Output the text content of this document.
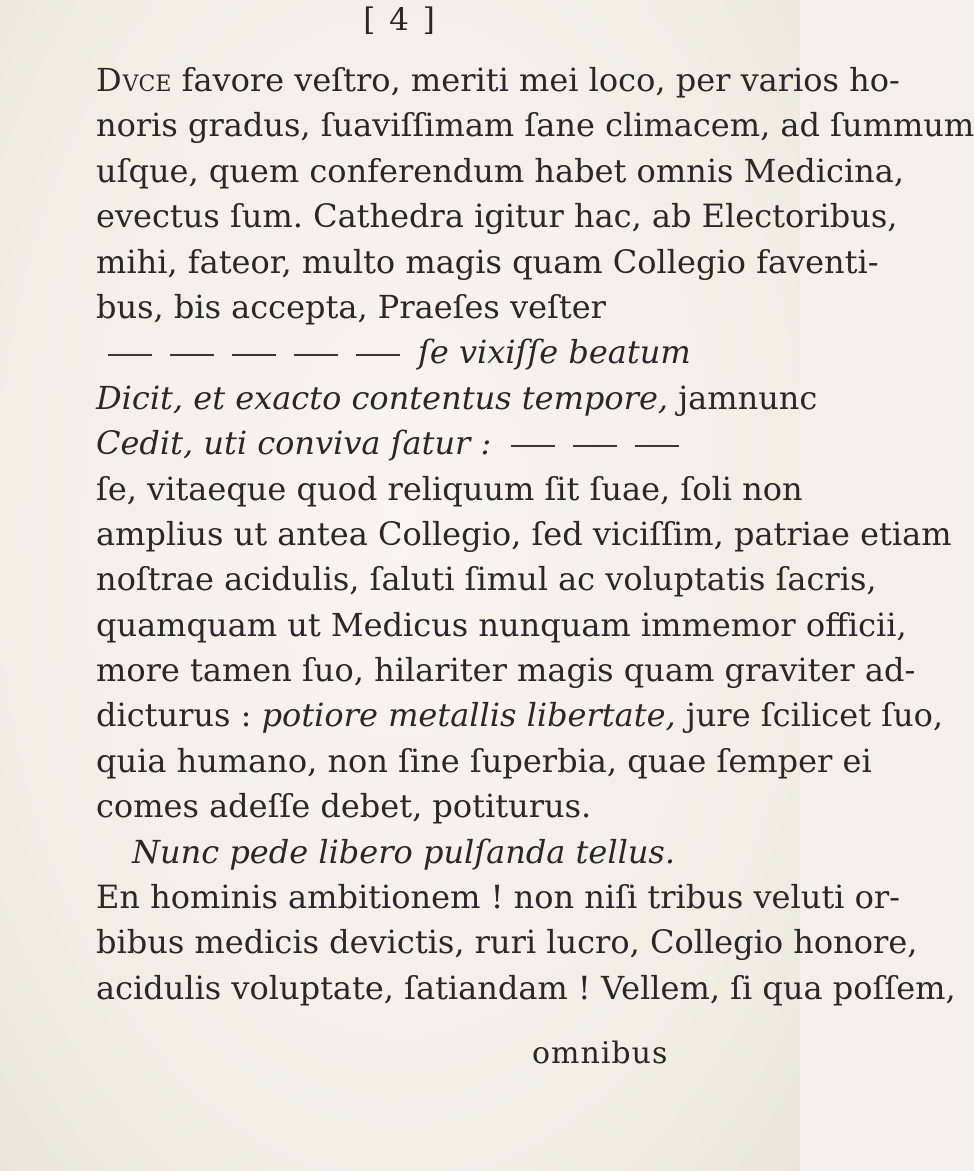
[ 4 ]
Dvce favore veſtro, meriti mei loco, per varios ho-
noris gradus, ſuaviſſimam ſane climacem, ad ſummum
uſque, quem conferendum habet omnis Medicina,
evectus ſum. Cathedra igitur hac, ab Electoribus,
mihi, fateor, multo magis quam Collegio faventi-
bus, bis accepta, Praeſes veſter
ſe vixiſſe beatum
Dicit, et exacto contentus tempore, jamnunc
Cedit, uti conviva ſatur :
ſe, vitaeque quod reliquum ſit ſuae, ſoli non
amplius ut antea Collegio, ſed viciſſim, patriae etiam
noſtrae acidulis, ſaluti ſimul ac voluptatis ſacris,
quamquam ut Medicus nunquam immemor officii,
more tamen ſuo, hilariter magis quam graviter ad-
dicturus : potiore metallis libertate, jure ſcilicet ſuo,
quia humano, non ſine ſuperbia, quae ſemper ei
comes adeſſe debet, potiturus.
Nunc pede libero pulſanda tellus.
En hominis ambitionem ! non niſi tribus veluti or-
bibus medicis devictis, ruri lucro, Collegio honore,
acidulis voluptate, ſatiandam ! Vellem, ſi qua poſſem,
omnibus
